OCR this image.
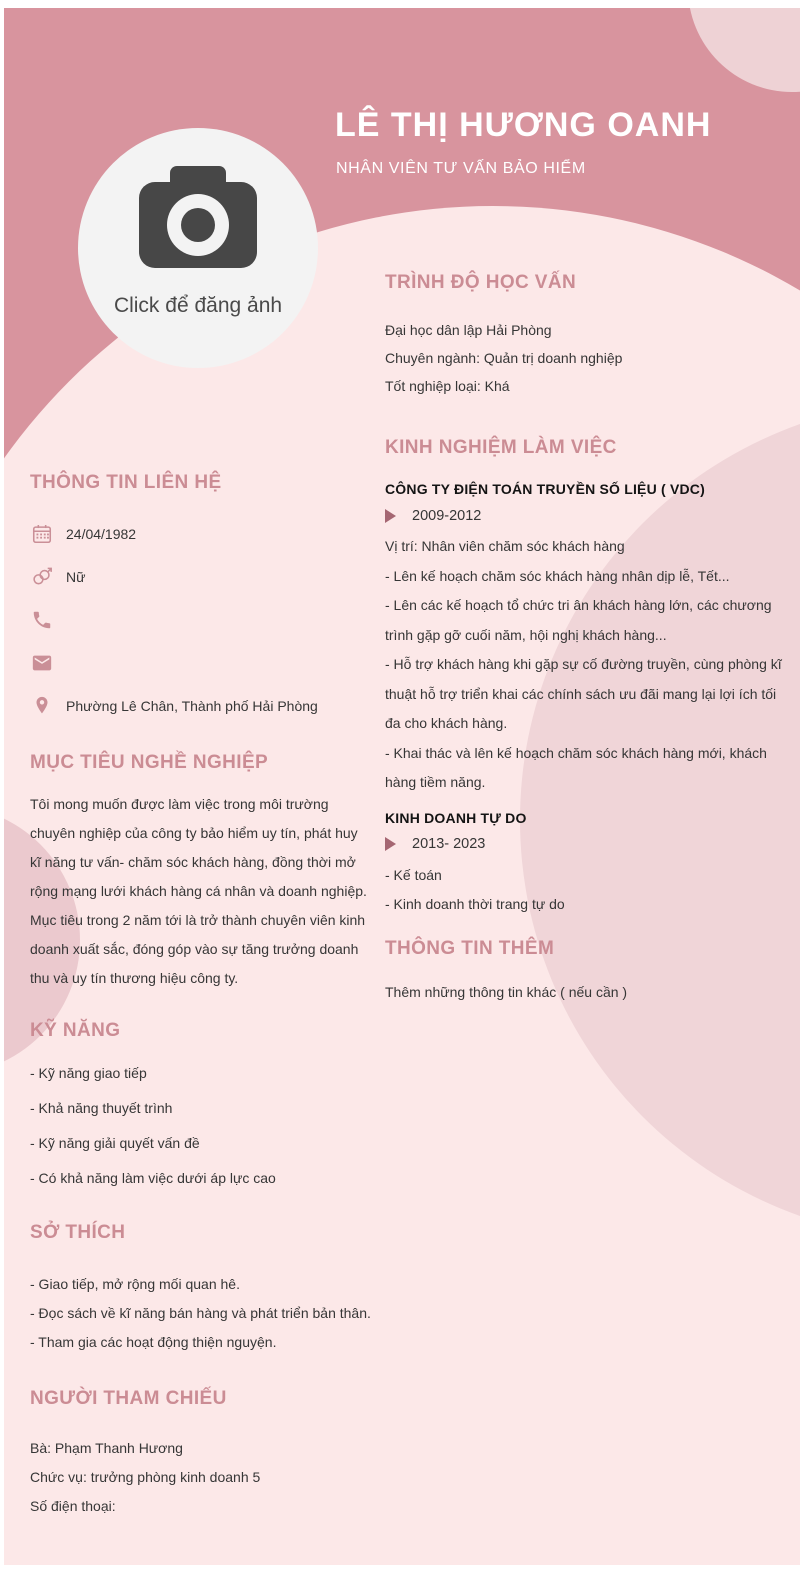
LÊ THỊ HƯƠNG OANH
NHÂN VIÊN TƯ VẤN BẢO HIỂM
Click để đăng ảnh
THÔNG TIN LIÊN HỆ
24/04/1982
Nữ
Phường Lê Chân, Thành phố Hải Phòng
MỤC TIÊU NGHỀ NGHIỆP

Tôi mong muốn được làm việc trong môi trường chuyên nghiệp của công ty bảo hiểm uy tín, phát huy kĩ năng tư vấn- chăm sóc khách hàng, đồng thời mở rộng mạng lưới khách hàng cá nhân và doanh nghiệp.

Mục tiêu trong 2 năm tới là trở thành chuyên viên kinh doanh xuất sắc, đóng góp vào sự tăng trưởng doanh thu và uy tín thương hiệu công ty.

KỸ NĂNG
- Kỹ năng giao tiếp
- Khả năng thuyết trình
- Kỹ năng giải quyết vấn đề
- Có khả năng làm việc dưới áp lực cao
SỞ THÍCH
- Giao tiếp, mở rộng mối quan hê.
- Đọc sách về kĩ năng bán hàng và phát triển bản thân.
- Tham gia các hoạt động thiện nguyện.
NGƯỜI THAM CHIẾU
Bà: Phạm Thanh Hương
Chức vụ: trưởng phòng kinh doanh 5
Số điện thoại:
TRÌNH ĐỘ HỌC VẤN
Đại học dân lập Hải Phòng
Chuyên ngành: Quản trị doanh nghiệp
Tốt nghiệp loại: Khá
KINH NGHIỆM LÀM VIỆC
CÔNG TY ĐIỆN TOÁN TRUYỀN SỐ LIỆU ( VDC)
2009-2012
Vị trí: Nhân viên chăm sóc khách hàng
- Lên kế hoạch chăm sóc khách hàng nhân dịp lễ, Tết...
- Lên các kế hoạch tổ chức tri ân khách hàng lớn, các chương trình gặp gỡ cuối năm, hội nghị khách hàng...
- Hỗ trợ khách hàng khi gặp sự cố đường truyền, cùng phòng kĩ thuật hỗ trợ triển khai các chính sách ưu đãi mang lại lợi ích tối đa cho khách hàng.
- Khai thác và lên kế hoạch chăm sóc khách hàng mới, khách hàng tiềm năng.
KINH DOANH TỰ DO
2013- 2023
- Kế toán
- Kinh doanh thời trang tự do
THÔNG TIN THÊM
Thêm những thông tin khác ( nếu cần )
